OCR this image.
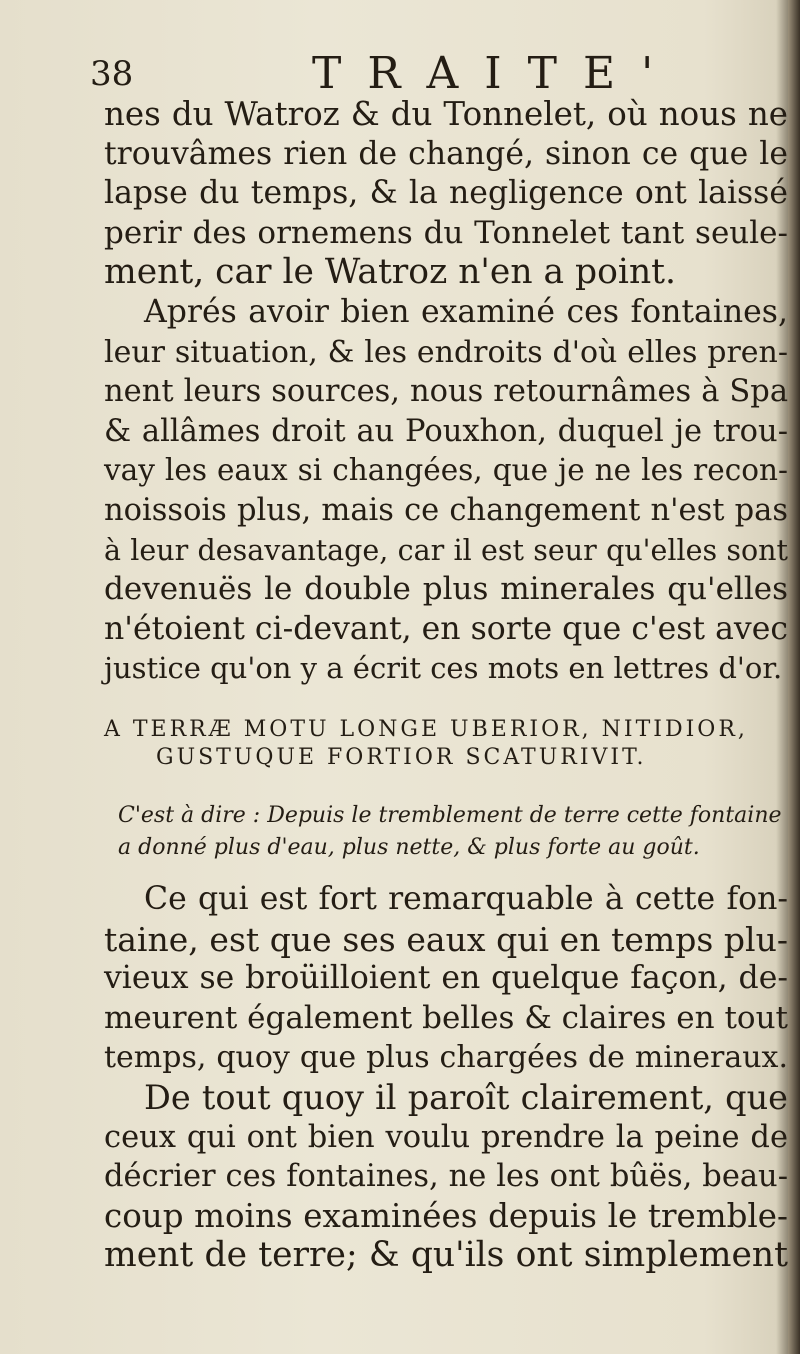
38	TRAITE'
nes du Watroz & du Tonnelet, où nous ne
trouvâmes rien de changé, sinon ce que le
lapse du temps, & la negligence ont laissé
perir des ornemens du Tonnelet tant seule-
ment, car le Watroz n'en a point.
Aprés avoir bien examiné ces fontaines,
leur situation, & les endroits d'où elles pren-
nent leurs sources, nous retournâmes à Spa
& allâmes droit au Pouxhon, duquel je trou-
vay les eaux si changées, que je ne les recon-
noissois plus, mais ce changement n'est pas
à leur desavantage, car il est seur qu'elles sont
devenuës le double plus minerales qu'elles
n'étoient ci-devant, en sorte que c'est avec
justice qu'on y a écrit ces mots en lettres d'or.
A TERRÆ MOTU LONGE UBERIOR, NITIDIOR,
GUSTUQUE FORTIOR SCATURIVIT.
C'est à dire : Depuis le tremblement de terre cette fontaine
a donné plus d'eau, plus nette, & plus forte au goût.
Ce qui est fort remarquable à cette fon-
taine, est que ses eaux qui en temps plu-
vieux se broüilloient en quelque façon, de-
meurent également belles & claires en tout
temps, quoy que plus chargées de mineraux.
De tout quoy il paroît clairement, que
ceux qui ont bien voulu prendre la peine de
décrier ces fontaines, ne les ont bûës, beau-
coup moins examinées depuis le tremble-
ment de terre; & qu'ils ont simplement
